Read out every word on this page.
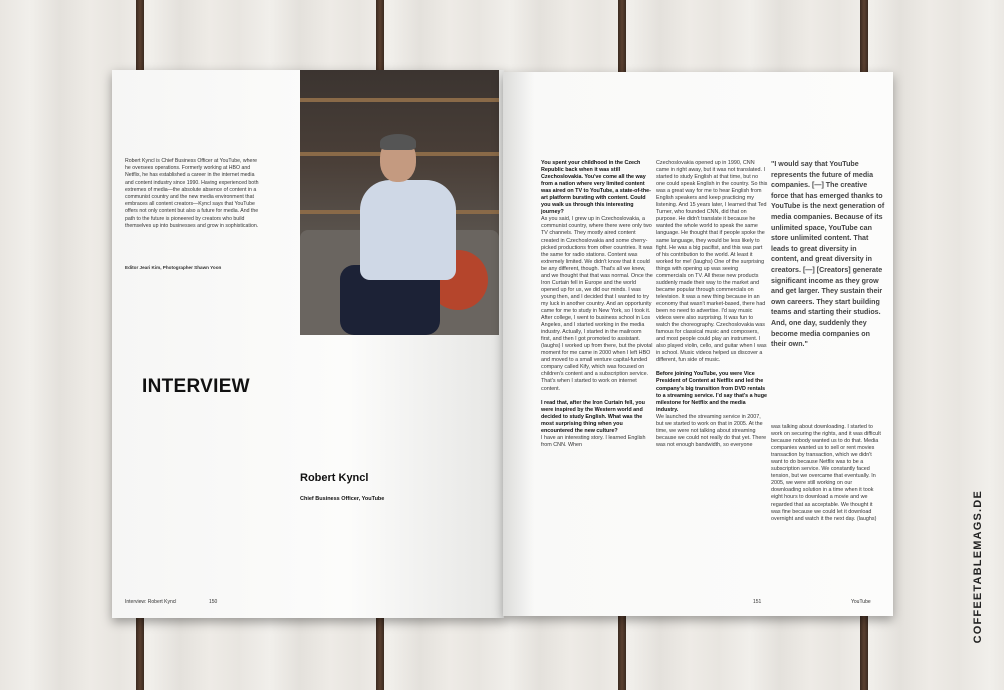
Robert Kyncl is Chief Business Officer at YouTube, where he oversees operations. Formerly working at HBO and Netflix, he has established a career in the internet media and content industry since 1990. Having experienced both extremes of media—the absolute absence of content in a communist country and the new media environment that embraces all content creators—Kyncl says that YouTube offers not only content but also a future for media. And the path to the future is pioneered by creators who build themselves up into businesses and grow in sophistication.
Editor Jeari Kim, Photographer Shawn Yoon
INTERVIEW
Robert Kyncl
Chief Business Officer, YouTube
Interview: Robert Kyncl	150
You spent your childhood in the Czech Republic back when it was still Czechoslovakia. You've come all the way from a nation where very limited content was aired on TV to YouTube, a state-of-the-art platform bursting with content. Could you walk us through this interesting journey?
As you said, I grew up in Czechoslovakia, a communist country, where there were only two TV channels. They mostly aired content created in Czechoslovakia and some cherry-picked productions from other countries. It was the same for radio stations. Content was extremely limited. We didn't know that it could be any different, though. That's all we knew, and we thought that that was normal. Once the Iron Curtain fell in Europe and the world opened up for us, we did our minds. I was young then, and I decided that I wanted to try my luck in another country. And an opportunity came for me to study in New York, so I took it. After college, I went to business school in Los Angeles, and I started working in the media industry. Actually, I started in the mailroom first, and then I got promoted to assistant. (laughs) I worked up from there, but the pivotal moment for me came in 2000 when I left HBO and moved to a small venture capital-funded company called Kify, which was focused on children's content and a subscription service. That's when I started to work on internet content.

I read that, after the Iron Curtain fell, you were inspired by the Western world and decided to study English. What was the most surprising thing when you encountered the new culture?
I have an interesting story. I learned English from CNN. When
Czechoslovakia opened up in 1990, CNN came in right away, but it was not translated. I started to study English at that time, but no one could speak English in the country. So this was a great way for me to hear English from English speakers and keep practicing my listening. And 15 years later, I learned that Ted Turner, who founded CNN, did that on purpose. He didn't translate it because he wanted the whole world to speak the same language. He thought that if people spoke the same language, they would be less likely to fight. He was a big pacifist, and this was part of his contribution to the world. At least it worked for me! (laughs) One of the surprising things with opening up was seeing commercials on TV. All these new products suddenly made their way to the market and became popular through commercials on television. It was a new thing because in an economy that wasn't market-based, there had been no need to advertise. I'd say music videos were also surprising. It was fun to watch the choreography. Czechoslovakia was famous for classical music and composers, and most people could play an instrument. I also played violin, cello, and guitar when I was in school. Music videos helped us discover a different, fun side of music.

Before joining YouTube, you were Vice President of Content at Netflix and led the company's big transition from DVD rentals to a streaming service. I'd say that's a huge milestone for Netflix and the media industry.
We launched the streaming service in 2007, but we started to work on that in 2005. At the time, we were not talking about streaming because we could not really do that yet. There was not enough bandwidth, so everyone
"I would say that YouTube represents the future of media companies. [—] The creative force that has emerged thanks to YouTube is the next generation of media companies. Because of its unlimited space, YouTube can store unlimited content. That leads to great diversity in content, and great diversity in creators. [—] [Creators] generate significant income as they grow and get larger. They sustain their own careers. They start building teams and starting their studios. And, one day, suddenly they become media companies on their own."
was talking about downloading. I started to work on securing the rights, and it was difficult because nobody wanted us to do that. Media companies wanted us to sell or rent movies transaction by transaction, which we didn't want to do because Netflix was to be a subscription service. We constantly faced tension, but we overcame that eventually. In 2005, we were still working on our downloading solution in a time when it took eight hours to download a movie and we regarded that as acceptable. We thought it was fine because we could let it download overnight and watch it the next day. (laughs)
151	YouTube	COFFEETABLEMAGS.DE
